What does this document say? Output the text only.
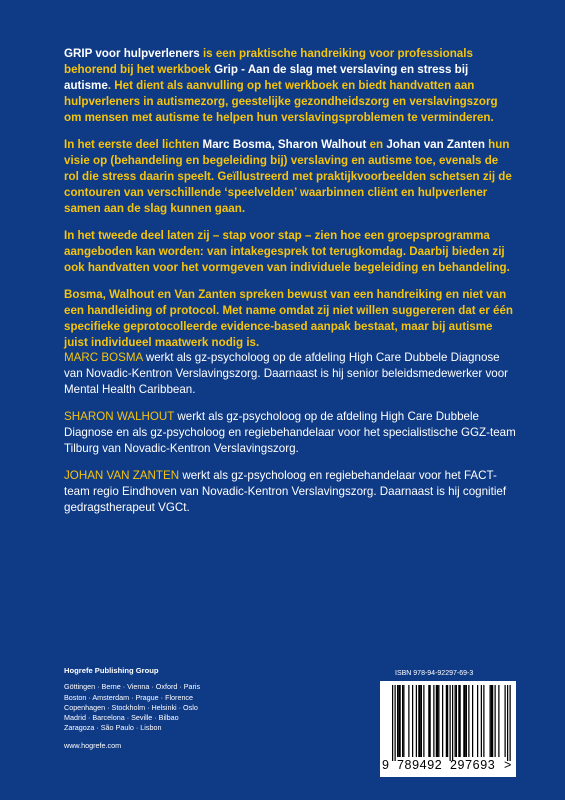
GRIP voor hulpverleners is een praktische handreiking voor professionals behorend bij het werkboek Grip - Aan de slag met verslaving en stress bij autisme. Het dient als aanvulling op het werkboek en biedt handvatten aan hulpverleners in autismezorg, geestelijke gezondheidszorg en verslavingszorg om mensen met autisme te helpen hun verslavingsproblemen te verminderen.

In het eerste deel lichten Marc Bosma, Sharon Walhout en Johan van Zanten hun visie op (behandeling en begeleiding bij) verslaving en autisme toe, evenals de rol die stress daarin speelt. Geïllustreerd met praktijkvoorbeelden schetsen zij de contouren van verschillende ‘speelvelden’ waarbinnen cliënt en hulpverlener samen aan de slag kunnen gaan.

In het tweede deel laten zij – stap voor stap – zien hoe een groepsprogramma aangeboden kan worden: van intakegesprek tot terugkomdag. Daarbij bieden zij ook handvatten voor het vormgeven van individuele begeleiding en behandeling.

Bosma, Walhout en Van Zanten spreken bewust van een handreiking en niet van een handleiding of protocol. Met name omdat zij niet willen suggereren dat er één specifieke geprotocolleerde evidence-based aanpak bestaat, maar bij autisme juist individueel maatwerk nodig is.

MARC BOSMA werkt als gz-psycholoog op de afdeling High Care Dubbele Diagnose van Novadic-Kentron Verslavingszorg. Daarnaast is hij senior beleidsmedewerker voor Mental Health Caribbean.

SHARON WALHOUT werkt als gz-psycholoog op de afdeling High Care Dubbele Diagnose en als gz-psycholoog en regiebehandelaar voor het specialistische GGZ-team Tilburg van Novadic-Kentron Verslavingszorg.

JOHAN VAN ZANTEN werkt als gz-psycholoog en regiebehandelaar voor het FACT-team regio Eindhoven van Novadic-Kentron Verslavingszorg. Daarnaast is hij cognitief gedragstherapeut VGCt.

Hogrefe Publishing Group
Göttingen · Berne · Vienna · Oxford · Paris
Boston · Amsterdam · Prague · Florence
Copenhagen · Stockholm · Helsinki · Oslo
Madrid · Barcelona · Seville · Bilbao
Zaragoza · São Paulo · Lisbon
www.hogrefe.com
ISBN 978-94-92297-69-3
9 789492 297693 >
